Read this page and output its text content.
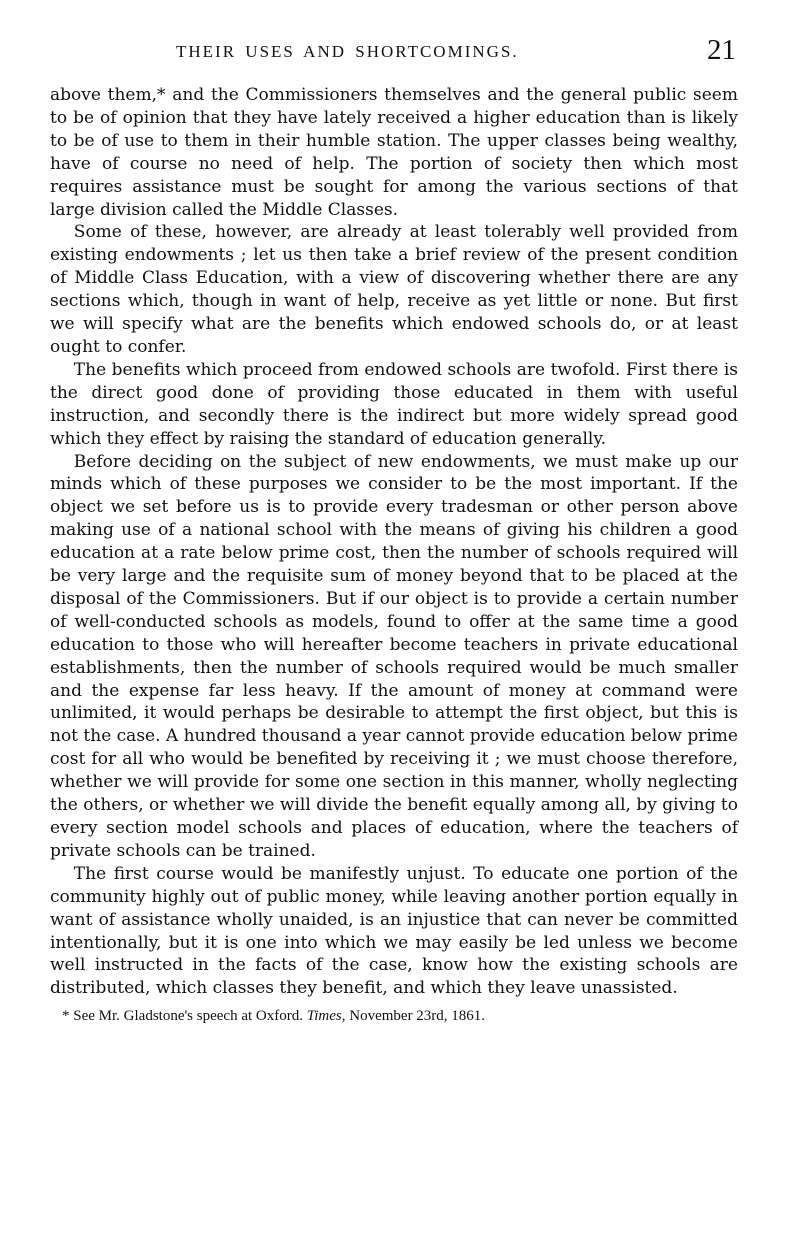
THEIR USES AND SHORTCOMINGS.	21

above them,* and the Commissioners themselves and the general public seem to be of opinion that they have lately received a higher education than is likely to be of use to them in their humble station. The upper classes being wealthy, have of course no need of help. The portion of society then which most requires assistance must be sought for among the various sections of that large division called the Middle Classes.

Some of these, however, are already at least tolerably well provided from existing endowments ; let us then take a brief review of the present condition of Middle Class Education, with a view of discovering whether there are any sections which, though in want of help, receive as yet little or none. But first we will specify what are the benefits which endowed schools do, or at least ought to confer.

The benefits which proceed from endowed schools are twofold. First there is the direct good done of providing those educated in them with useful instruction, and secondly there is the indirect but more widely spread good which they effect by raising the standard of education generally.

Before deciding on the subject of new endowments, we must make up our minds which of these purposes we consider to be the most important. If the object we set before us is to provide every tradesman or other person above making use of a national school with the means of giving his children a good education at a rate below prime cost, then the number of schools required will be very large and the requisite sum of money beyond that to be placed at the disposal of the Commissioners. But if our object is to provide a certain number of well-conducted schools as models, found to offer at the same time a good education to those who will hereafter become teachers in private educational establishments, then the number of schools required would be much smaller and the expense far less heavy. If the amount of money at command were unlimited, it would perhaps be desirable to attempt the first object, but this is not the case. A hundred thousand a year cannot provide education below prime cost for all who would be benefited by receiving it ; we must choose therefore, whether we will provide for some one section in this manner, wholly neglecting the others, or whether we will divide the benefit equally among all, by giving to every section model schools and places of education, where the teachers of private schools can be trained.

The first course would be manifestly unjust. To educate one portion of the community highly out of public money, while leaving another portion equally in want of assistance wholly unaided, is an injustice that can never be committed intentionally, but it is one into which we may easily be led unless we become well instructed in the facts of the case, know how the existing schools are distributed, which classes they benefit, and which they leave unassisted.

* See Mr. Gladstone's speech at Oxford. Times, November 23rd, 1861.
